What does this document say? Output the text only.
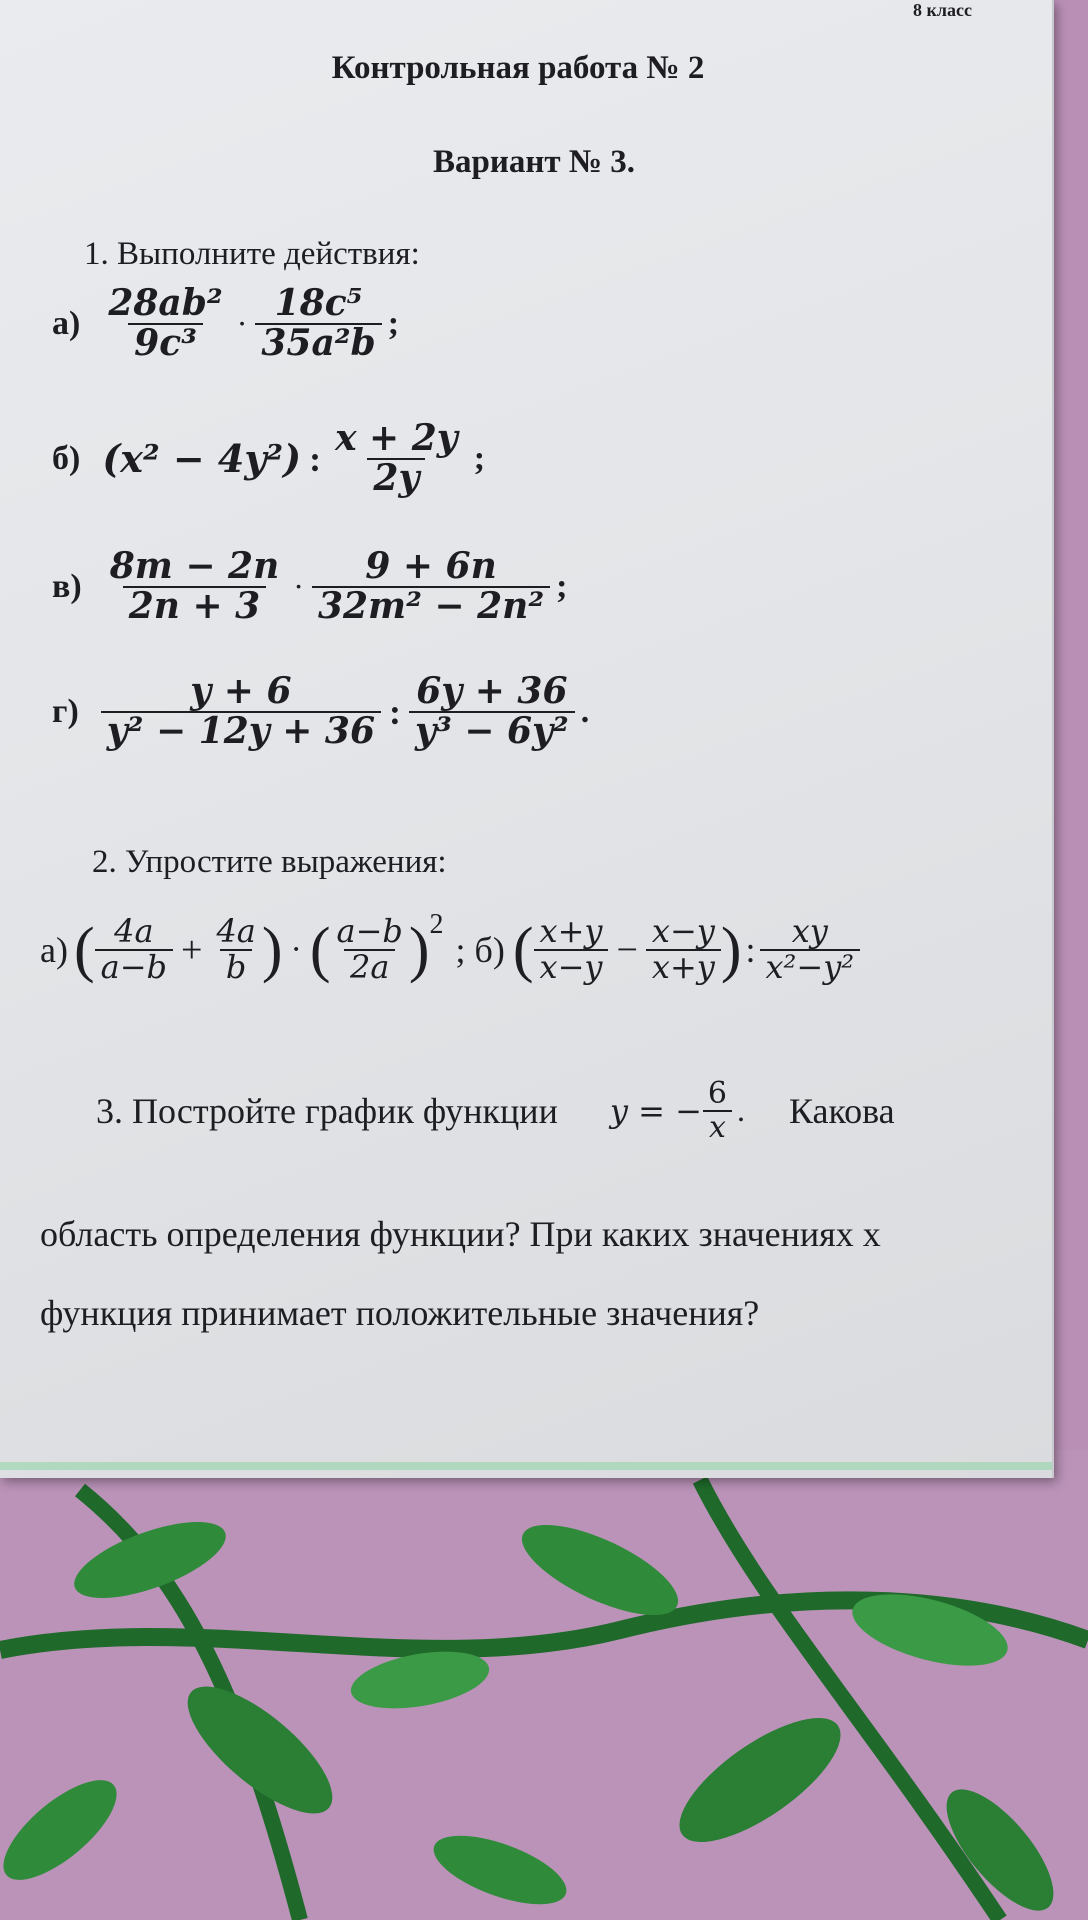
8 класс
Контрольная работа № 2
Вариант № 3.
1. Выполните действия:
$а) \frac{\text{28ab²}}{\text{9c³}} \cdot \frac{\text{18c⁵}}{\text{35a²b}}$ ;
б) (x² − 4y²) : $\frac{x + 2y}{2y}$ ;
$в) \frac{8m - 2n}{2n + 3} \cdot \frac{9 + 6n}{\text{32m² − 2n²}}$ ;
$г) \frac{y + 6}{\text{y² − 12y + 36}}$ : $\frac{6y + 36}{\text{y³ − 6y²}}$ .
2. Упростите выражения:
а) ( $\frac{4a}{a-b} + \frac{4a}{b}$ ) · ( $\frac{a-b}{2a}$ ) 2
; б) ( $\frac{x+y}{x-y} - \frac{x-y}{x+y}$ ) : $\frac{xy}{\text{x²−y²}}$
3. Постройте график функции y = − $\frac{6}{x}$ . Какова
область определения функции? При каких значениях x
функция принимает положительные значения?
